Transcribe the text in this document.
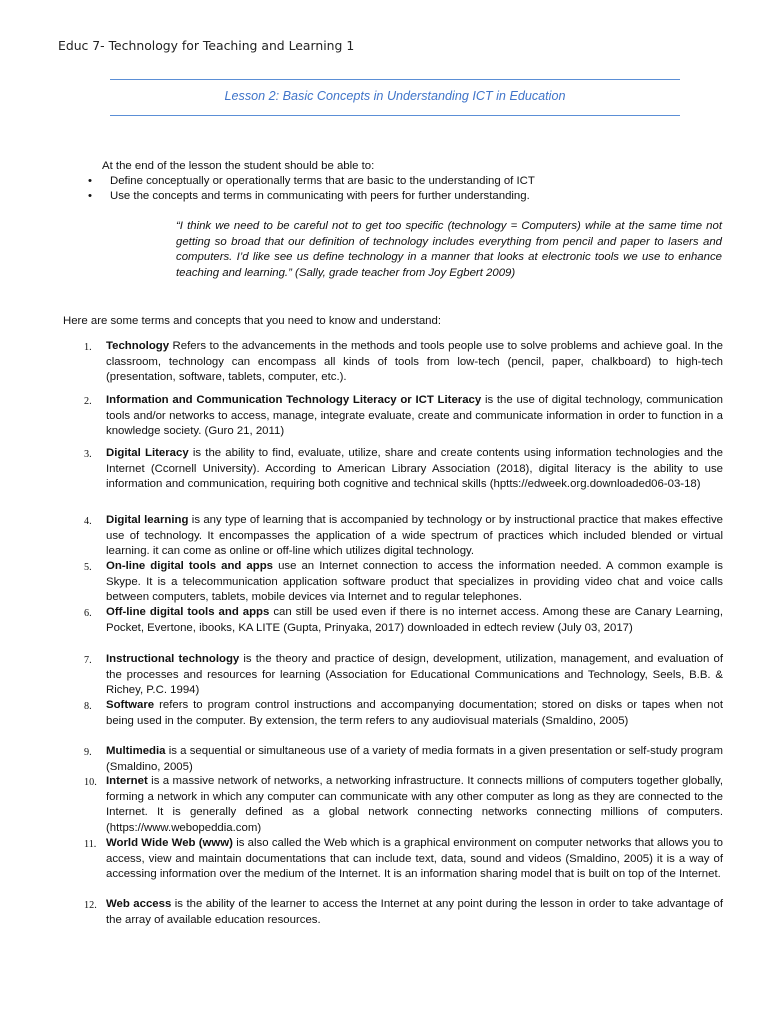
Educ 7- Technology for Teaching and Learning 1
Lesson 2: Basic Concepts in Understanding ICT in Education
At the end of the lesson the student should be able to:
• Define conceptually or operationally terms that are basic to the understanding of ICT
• Use the concepts and terms in communicating with peers for further understanding.
“I think we need to be careful not to get too specific (technology = Computers) while at the same time not getting so broad that our definition of technology includes everything from pencil and paper to lasers and computers. I’d like see us define technology in a manner that looks at electronic tools we use to enhance teaching and learning.” (Sally, grade teacher from Joy Egbert 2009)
Here are some terms and concepts that you need to know and understand:
1. Technology Refers to the advancements in the methods and tools people use to solve problems and achieve goal. In the classroom, technology can encompass all kinds of tools from low-tech (pencil, paper, chalkboard) to high-tech (presentation, software, tablets, computer, etc.).
2. Information and Communication Technology Literacy or ICT Literacy is the use of digital technology, communication tools and/or networks to access, manage, integrate evaluate, create and communicate information in order to function in a knowledge society. (Guro 21, 2011)
3. Digital Literacy is the ability to find, evaluate, utilize, share and create contents using information technologies and the Internet (Ccornell University). According to American Library Association (2018), digital literacy is the ability to use information and communication, requiring both cognitive and technical skills (hptts://edweek.org.downloaded06-03-18)
4. Digital learning is any type of learning that is accompanied by technology or by instructional practice that makes effective use of technology. It encompasses the application of a wide spectrum of practices which included blended or virtual learning. it can come as online or off-line which utilizes digital technology.
5. On-line digital tools and apps use an Internet connection to access the information needed. A common example is Skype. It is a telecommunication application software product that specializes in providing video chat and voice calls between computers, tablets, mobile devices via Internet and to regular telephones.
6. Off-line digital tools and apps can still be used even if there is no internet access. Among these are Canary Learning, Pocket, Evertone, ibooks, KA LITE (Gupta, Prinyaka, 2017) downloaded in edtech review (July 03, 2017)
7. Instructional technology is the theory and practice of design, development, utilization, management, and evaluation of the processes and resources for learning (Association for Educational Communications and Technology, Seels, B.B. & Richey, P.C. 1994)
8. Software refers to program control instructions and accompanying documentation; stored on disks or tapes when not being used in the computer. By extension, the term refers to any audiovisual materials (Smaldino, 2005)
9. Multimedia is a sequential or simultaneous use of a variety of media formats in a given presentation or self-study program (Smaldino, 2005)
10. Internet is a massive network of networks, a networking infrastructure. It connects millions of computers together globally, forming a network in which any computer can communicate with any other computer as long as they are connected to the Internet. It is generally defined as a global network connecting networks connecting millions of computers. (https://www.webopeddia.com)
11. World Wide Web (www) is also called the Web which is a graphical environment on computer networks that allows you to access, view and maintain documentations that can include text, data, sound and videos (Smaldino, 2005) it is a way of accessing information over the medium of the Internet. It is an information sharing model that is built on top of the Internet.
12. Web access is the ability of the learner to access the Internet at any point during the lesson in order to take advantage of the array of available education resources.
